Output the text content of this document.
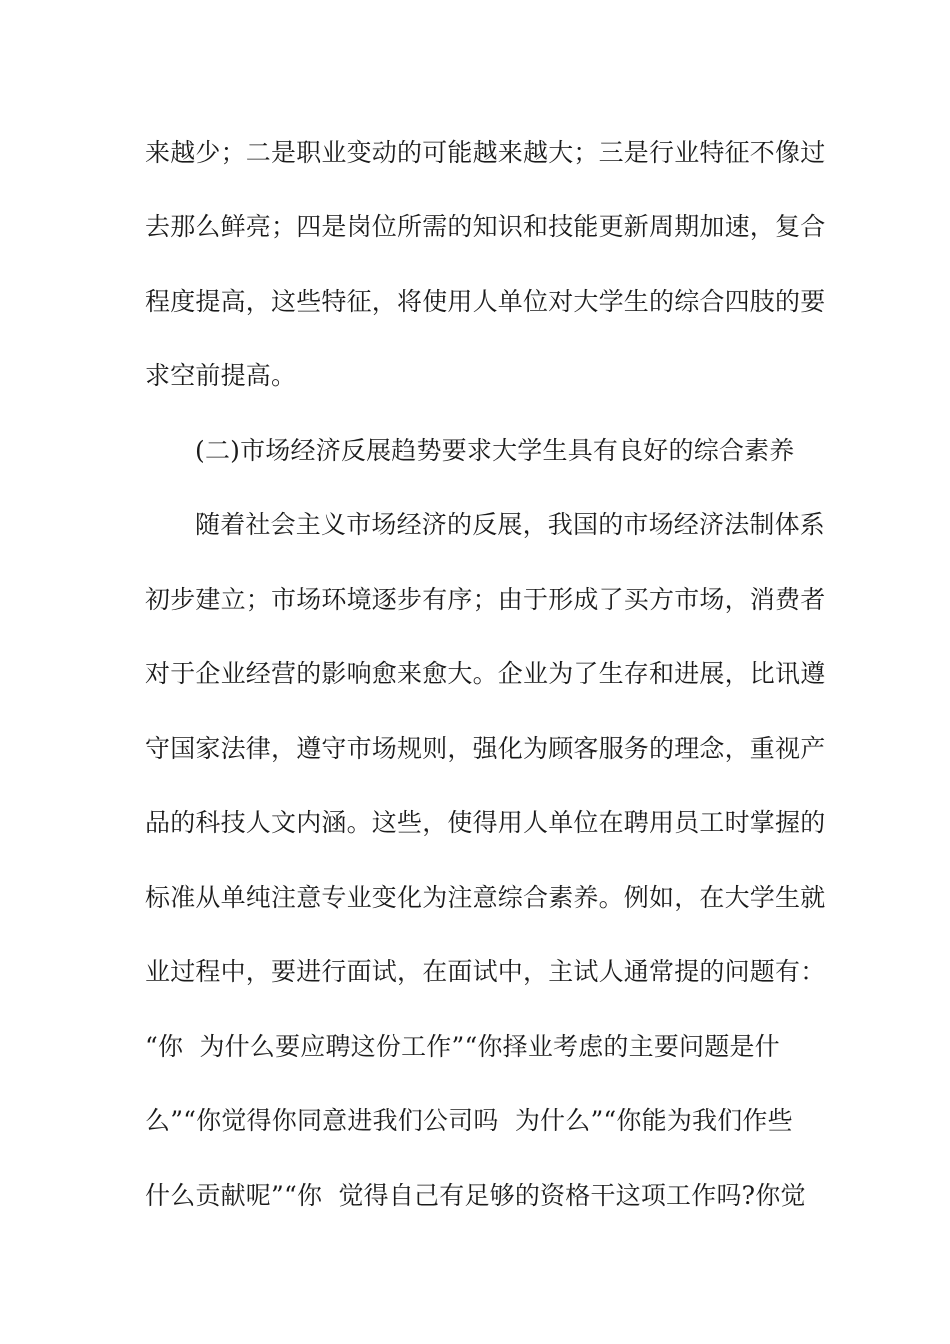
来越少；二是职业变动的可能越来越大；三是行业特征不像过

去那么鲜亮；四是岗位所需的知识和技能更新周期加速，复合

程度提高，这些特征，将使用人单位对大学生的综合四肢的要

求空前提高。

(二)市场经济反展趋势要求大学生具有良好的综合素养

随着社会主义市场经济的反展，我国的市场经济法制体系

初步建立；市场环境逐步有序；由于形成了买方市场，消费者

对于企业经营的影响愈来愈大。企业为了生存和进展，比讯遵

守国家法律，遵守市场规则，强化为顾客服务的理念，重视产

品的科技人文内涵。这些，使得用人单位在聘用员工时掌握的

标准从单纯注意专业变化为注意综合素养。例如，在大学生就

业过程中，要进行面试，在面试中，主试人通常提的问题有：

“你  为什么要应聘这份工作”“你择业考虑的主要问题是什

么”“你觉得你同意进我们公司吗  为什么”“你能为我们作些

什么贡献呢”“你  觉得自己有足够的资格干这项工作吗?你觉
